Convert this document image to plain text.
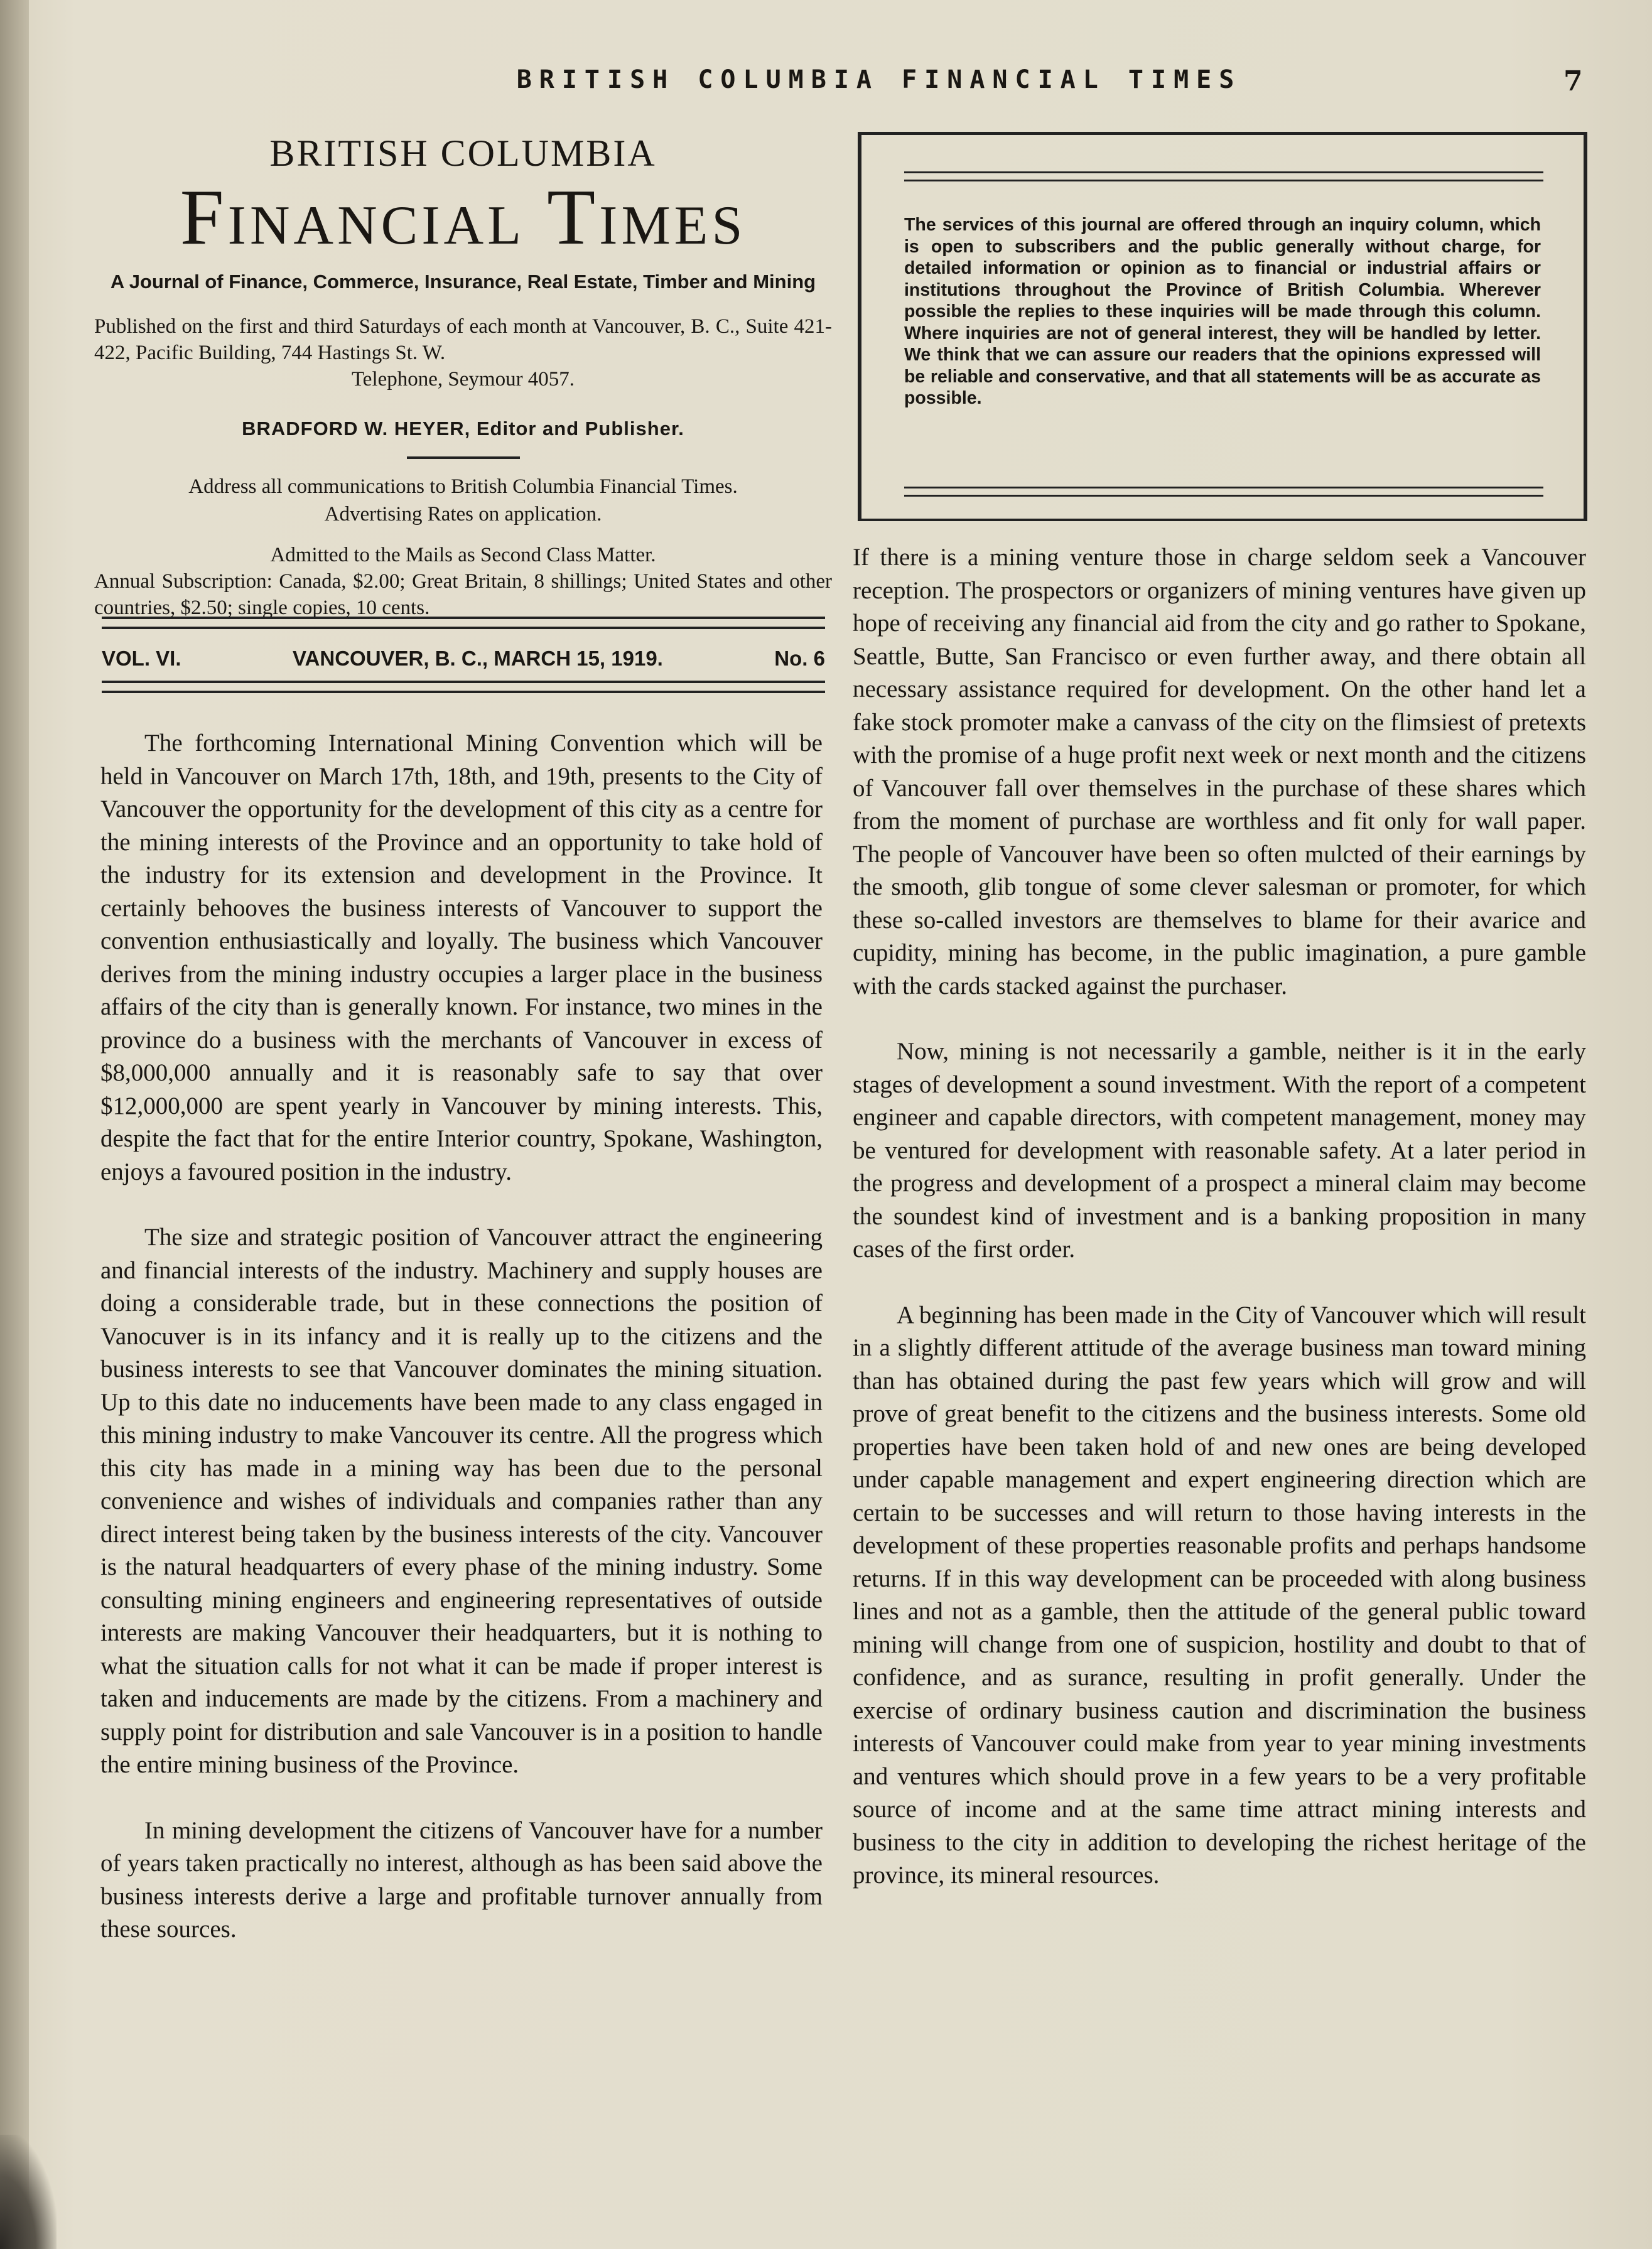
BRITISH COLUMBIA FINANCIAL TIMES	7
BRITISH COLUMBIA
Financial Times
A Journal of Finance, Commerce, Insurance, Real Estate, Timber and Mining
Published on the first and third Saturdays of each month at Vancouver, B. C., Suite 421-422, Pacific Building, 744 Hastings St. W.
Telephone, Seymour 4057.
BRADFORD W. HEYER, Editor and Publisher.
Address all communications to British Columbia Financial Times.
Advertising Rates on application.
Admitted to the Mails as Second Class Matter.
Annual Subscription: Canada, $2.00; Great Britain, 8 shillings; United States and other countries, $2.50; single copies, 10 cents.
VOL. VI.	VANCOUVER, B. C., MARCH 15, 1919.	No. 6

The forthcoming International Mining Convention which will be held in Vancouver on March 17th, 18th, and 19th, presents to the City of Vancouver the opportunity for the development of this city as a centre for the mining interests of the Province and an opportunity to take hold of the industry for its extension and development in the Province. It certainly behooves the business interests of Vancouver to support the convention enthusiastically and loyally. The business which Vancouver derives from the mining industry occupies a larger place in the business affairs of the city than is generally known. For instance, two mines in the province do a business with the merchants of Vancouver in excess of $8,000,000 annually and it is reasonably safe to say that over $12,000,000 are spent yearly in Vancouver by mining interests. This, despite the fact that for the entire Interior country, Spokane, Washington, enjoys a favoured position in the industry.

The size and strategic position of Vancouver attract the engineering and financial interests of the industry. Machinery and supply houses are doing a considerable trade, but in these connections the position of Vanocuver is in its infancy and it is really up to the citizens and the business interests to see that Vancouver dominates the mining situation. Up to this date no inducements have been made to any class engaged in this mining industry to make Vancouver its centre. All the progress which this city has made in a mining way has been due to the personal convenience and wishes of individuals and companies rather than any direct interest being taken by the business interests of the city. Vancouver is the natural headquarters of every phase of the mining industry. Some consulting mining engineers and engineering representatives of outside interests are making Vancouver their headquarters, but it is nothing to what the situation calls for not what it can be made if proper interest is taken and inducements are made by the citizens. From a machinery and supply point for distribution and sale Vancouver is in a position to handle the entire mining business of the Province.

In mining development the citizens of Vancouver have for a number of years taken practically no interest, although as has been said above the business interests derive a large and profitable turnover annually from these sources.

The services of this journal are offered through an inquiry column, which is open to subscribers and the public generally without charge, for detailed information or opinion as to financial or industrial affairs or institutions throughout the Province of British Columbia. Wherever possible the replies to these inquiries will be made through this column. Where inquiries are not of general interest, they will be handled by letter. We think that we can assure our readers that the opinions expressed will be reliable and conservative, and that all statements will be as accurate as possible.

If there is a mining venture those in charge seldom seek a Vancouver reception. The prospectors or organizers of mining ventures have given up hope of receiving any financial aid from the city and go rather to Spokane, Seattle, Butte, San Francisco or even further away, and there obtain all necessary assistance required for development. On the other hand let a fake stock promoter make a canvass of the city on the flimsiest of pretexts with the promise of a huge profit next week or next month and the citizens of Vancouver fall over themselves in the purchase of these shares which from the moment of purchase are worthless and fit only for wall paper. The people of Vancouver have been so often mulcted of their earnings by the smooth, glib tongue of some clever salesman or promoter, for which these so-called investors are themselves to blame for their avarice and cupidity, mining has become, in the public imagination, a pure gamble with the cards stacked against the purchaser.

Now, mining is not necessarily a gamble, neither is it in the early stages of development a sound investment. With the report of a competent engineer and capable directors, with competent management, money may be ventured for development with reasonable safety. At a later period in the progress and development of a prospect a mineral claim may become the soundest kind of investment and is a banking proposition in many cases of the first order.

A beginning has been made in the City of Vancouver which will result in a slightly different attitude of the average business man toward mining than has obtained during the past few years which will grow and will prove of great benefit to the citizens and the business interests. Some old properties have been taken hold of and new ones are being developed under capable management and expert engineering direction which are certain to be successes and will return to those having interests in the development of these properties reasonable profits and perhaps handsome returns. If in this way development can be proceeded with along business lines and not as a gamble, then the attitude of the general public toward mining will change from one of suspicion, hostility and doubt to that of confidence, and as surance, resulting in profit generally. Under the exercise of ordinary business caution and discrimination the business interests of Vancouver could make from year to year mining investments and ventures which should prove in a few years to be a very profitable source of income and at the same time attract mining interests and business to the city in addition to developing the richest heritage of the province, its mineral resources.
